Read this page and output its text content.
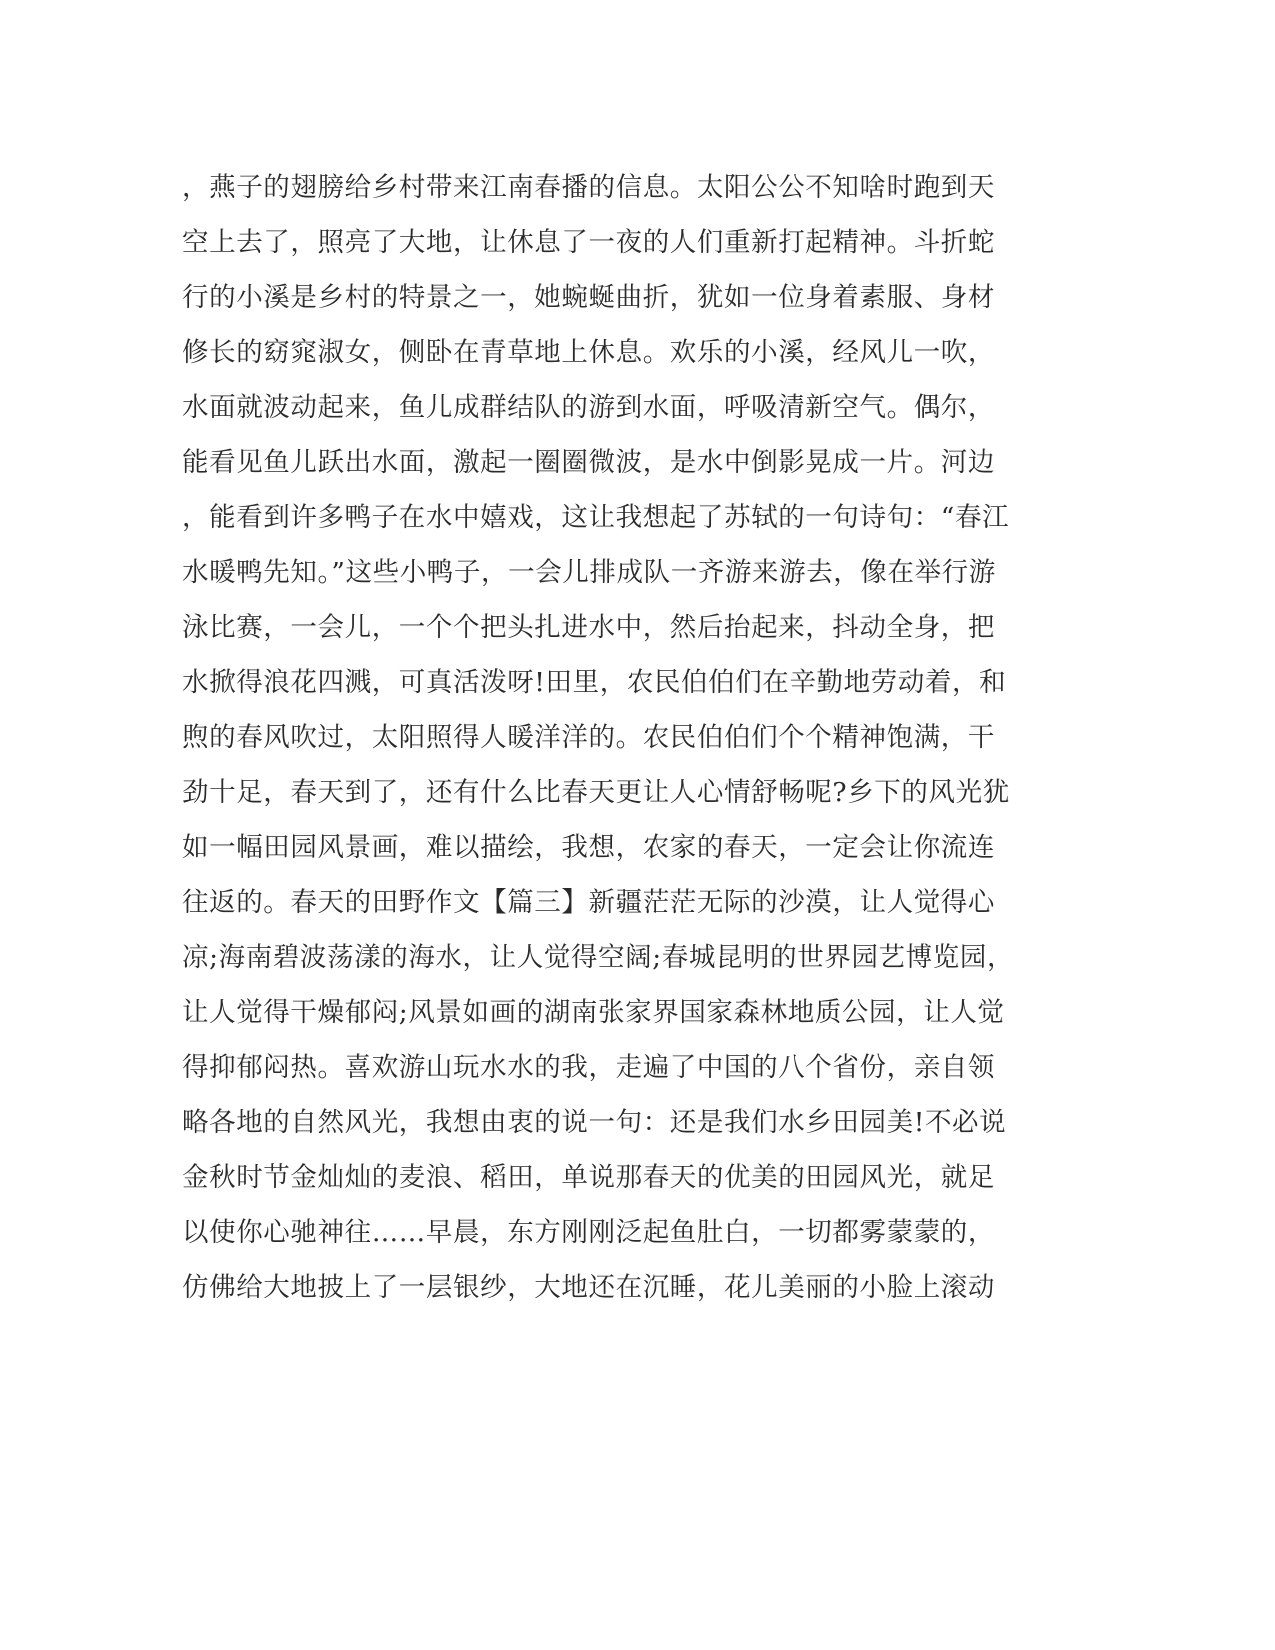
，燕子的翅膀给乡村带来江南春播的信息。太阳公公不知啥时跑到天

空上去了，照亮了大地，让休息了一夜的人们重新打起精神。斗折蛇

行的小溪是乡村的特景之一，她蜿蜒曲折，犹如一位身着素服、身材

修长的窈窕淑女，侧卧在青草地上休息。欢乐的小溪，经风儿一吹，

水面就波动起来，鱼儿成群结队的游到水面，呼吸清新空气。偶尔，

能看见鱼儿跃出水面，激起一圈圈微波，是水中倒影晃成一片。河边

，能看到许多鸭子在水中嬉戏，这让我想起了苏轼的一句诗句：“春江

水暖鸭先知。”这些小鸭子，一会儿排成队一齐游来游去，像在举行游

泳比赛，一会儿，一个个把头扎进水中，然后抬起来，抖动全身，把

水掀得浪花四溅，可真活泼呀!田里，农民伯伯们在辛勤地劳动着，和

煦的春风吹过，太阳照得人暖洋洋的。农民伯伯们个个精神饱满，干

劲十足，春天到了，还有什么比春天更让人心情舒畅呢?乡下的风光犹

如一幅田园风景画，难以描绘，我想，农家的春天，一定会让你流连

往返的。春天的田野作文【篇三】新疆茫茫无际的沙漠，让人觉得心

凉;海南碧波荡漾的海水，让人觉得空阔;春城昆明的世界园艺博览园，

让人觉得干燥郁闷;风景如画的湖南张家界国家森林地质公园，让人觉

得抑郁闷热。喜欢游山玩水水的我，走遍了中国的八个省份，亲自领

略各地的自然风光，我想由衷的说一句：还是我们水乡田园美!不必说

金秋时节金灿灿的麦浪、稻田，单说那春天的优美的田园风光，就足

以使你心驰神往……早晨，东方刚刚泛起鱼肚白，一切都雾蒙蒙的，

仿佛给大地披上了一层银纱，大地还在沉睡，花儿美丽的小脸上滚动
